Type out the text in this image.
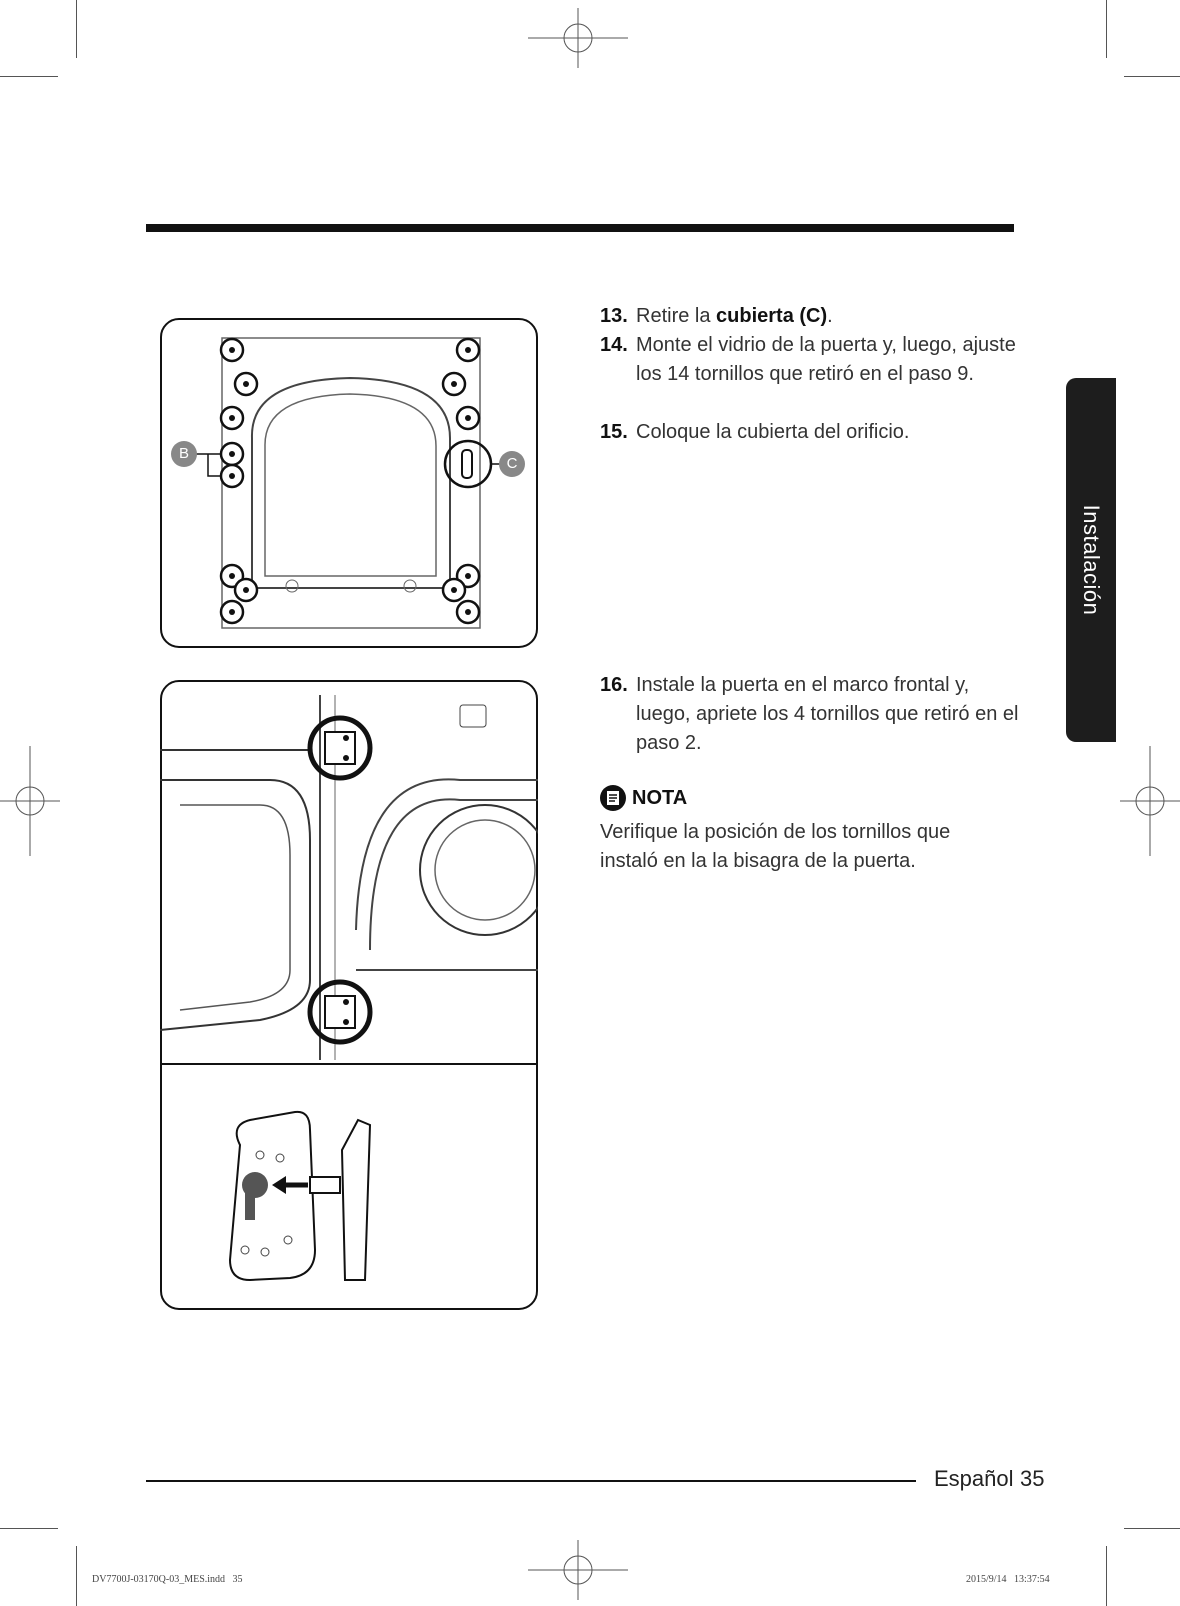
B
C
13. Retire la cubierta (C).
14. Monte el vidrio de la puerta y, luego, ajuste los 14 tornillos que retiró en el paso 9.
15. Coloque la cubierta del orificio.
16. Instale la puerta en el marco frontal y, luego, apriete los 4 tornillos que retiró en el paso 2.
NOTA
Verifique la posición de los tornillos que instaló en la la bisagra de la puerta.
Instalación
Español 35
DV7700J-03170Q-03_MES.indd   35	2015/9/14   13:37:54
